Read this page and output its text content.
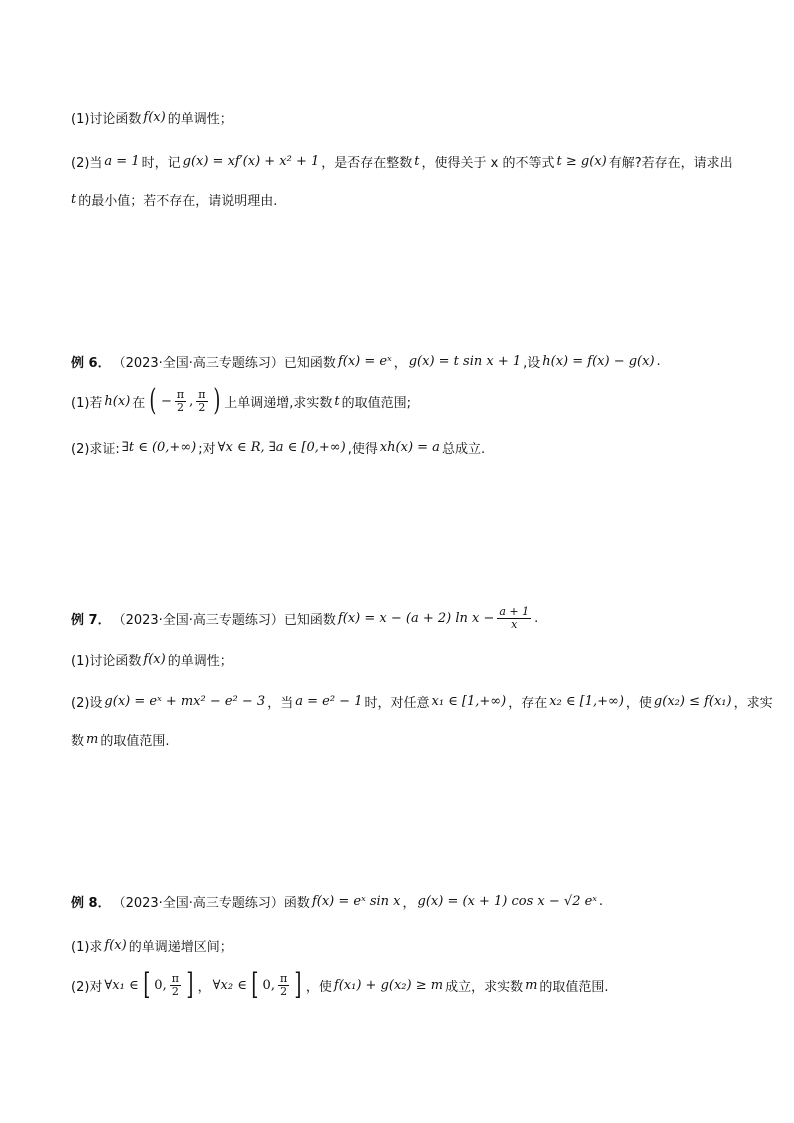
(1)讨论函数 f(x) 的单调性；
(2)当 a = 1 时，记 g(x) = xf′(x) + x² + 1 ，是否存在整数 t ，使得关于 x 的不等式 t ≥ g(x) 有解?若存在，请求出
t 的最小值；若不存在，请说明理由.
例 6． （2023·全国·高三专题练习）已知函数 f(x) = eˣ ， g(x) = t sin x + 1 ,设 h(x) = f(x) − g(x) .
(1)若 h(x) 在 ( − $\frac{\pi}{2}$ , $\frac{\pi}{2}$ ) 上单调递增,求实数 t 的取值范围;
(2)求证: ∃t ∈ (0,+∞) ;对 ∀x ∈ R, ∃a ∈ [0,+∞) ,使得 xh(x) = a 总成立.
例 7． （2023·全国·高三专题练习）已知函数 f(x) = x − (a + 2) $\ln x - \frac{a + 1}{x}$ .
(1)讨论函数 f(x) 的单调性；
(2)设 g(x) = eˣ + mx² − e² − 3 ，当 a = e² − 1 时，对任意 x₁ ∈ [1,+∞) ，存在 x₂ ∈ [1,+∞) ，使 g(x₂) ≤ f(x₁) ，求实
数 m 的取值范围.
例 8． （2023·全国·高三专题练习）函数 f(x) = eˣ sin x ， g(x) = (x + 1) cos x − √2 eˣ .
(1)求 f(x) 的单调递增区间；
(2)对 ∀x₁ ∈ [ 0, $\frac{\pi}{2}$ ] ， ∀x₂ ∈ [ 0, $\frac{\pi}{2}$ ] ，使 f(x₁) + g(x₂) ≥ m 成立，求实数 m 的取值范围.
